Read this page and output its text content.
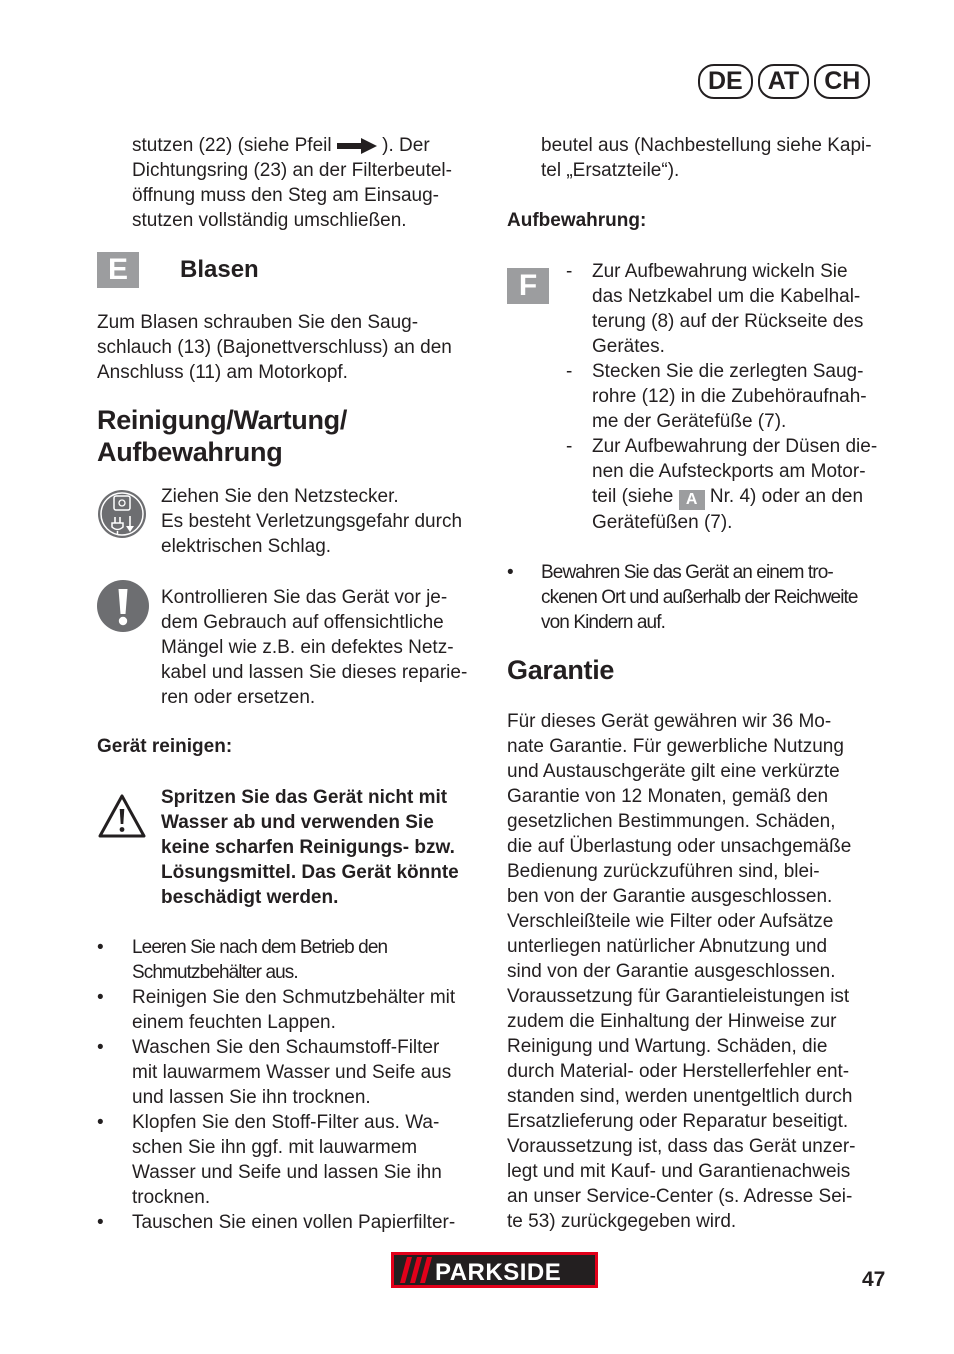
DE	AT	CH
stutzen (22) (siehe Pfeil	). Der
Dichtungsring (23) an der Filterbeutel-
öffnung muss den Steg am Einsaug-
stutzen vollständig umschließen.
E	Blasen
Zum Blasen schrauben Sie den Saug-
schlauch (13) (Bajonettverschluss) an den
Anschluss (11) am Motorkopf.
Reinigung/Wartung/
Aufbewahrung
Ziehen Sie den Netzstecker.
Es besteht Verletzungsgefahr durch
elektrischen Schlag.
Kontrollieren Sie das Gerät vor je-
dem Gebrauch auf offensichtliche
Mängel wie z.B. ein defektes Netz-
kabel und lassen Sie dieses reparie-
ren oder ersetzen.
Gerät reinigen:
Spritzen Sie das Gerät nicht mit
Wasser ab und verwenden Sie
keine scharfen Reinigungs- bzw.
Lösungsmittel. Das Gerät könnte
beschädigt werden.
• Leeren Sie nach dem Betrieb den
Schmutzbehälter aus.
• Reinigen Sie den Schmutzbehälter mit
einem feuchten Lappen.
• Waschen Sie den Schaumstoff-Filter
mit lauwarmem Wasser und Seife aus
und lassen Sie ihn trocknen.
• Klopfen Sie den Stoff-Filter aus. Wa-
schen Sie ihn ggf. mit lauwarmem
Wasser und Seife und lassen Sie ihn
trocknen.
• Tauschen Sie einen vollen Papierfilter-
beutel aus (Nachbestellung siehe Kapi-
tel „Ersatzteile“).
Aufbewahrung:
F	- Zur Aufbewahrung wickeln Sie
das Netzkabel um die Kabelhal-
terung (8) auf der Rückseite des
Gerätes.
- Stecken Sie die zerlegten Saug-
rohre (12) in die Zubehöraufnah-
me der Gerätefüße (7).
- Zur Aufbewahrung der Düsen die-
nen die Aufsteckports am Motor-
teil (siehe A Nr. 4) oder an den
Gerätefüßen (7).
• Bewahren Sie das Gerät an einem tro-
ckenen Ort und außerhalb der Reichweite
von Kindern auf.
Garantie
Für dieses Gerät gewähren wir 36 Mo-
nate Garantie. Für gewerbliche Nutzung
und Austauschgeräte gilt eine verkürzte
Garantie von 12 Monaten, gemäß den
gesetzlichen Bestimmungen. Schäden,
die auf Überlastung oder unsachgemäße
Bedienung zurückzuführen sind, blei-
ben von der Garantie ausgeschlossen.
Verschleißteile wie Filter oder Aufsätze
unterliegen natürlicher Abnutzung und
sind von der Garantie ausgeschlossen.
Voraussetzung für Garantieleistungen ist
zudem die Einhaltung der Hinweise zur
Reinigung und Wartung. Schäden, die
durch Material- oder Herstellerfehler ent-
standen sind, werden unentgeltlich durch
Ersatzlieferung oder Reparatur beseitigt.
Voraussetzung ist, dass das Gerät unzer-
legt und mit Kauf- und Garantienachweis
an unser Service-Center (s. Adresse Sei-
te 53) zurückgegeben wird.
PARKSIDE	47
